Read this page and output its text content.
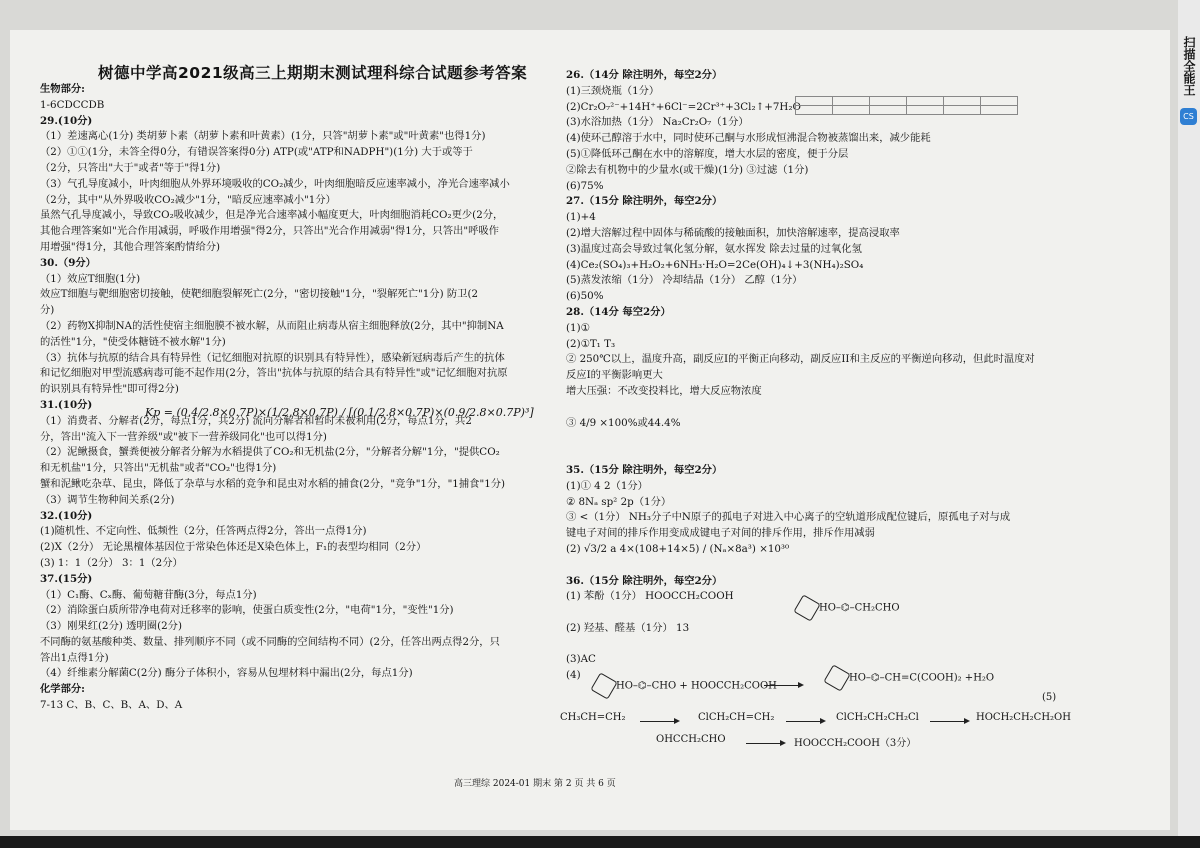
树德中学高2021级高三上期期末测试理科综合试题参考答案
生物部分:
1-6CDCCDB
29.(10分)
（1）差速离心(1分) 类胡萝卜素（胡萝卜素和叶黄素）(1分，只答"胡萝卜素"或"叶黄素"也得1分)
（2）①①(1分，未答全得0分，有错误答案得0分) ATP(或"ATP和NADPH")(1分) 大于或等于
（2分，只答出"大于"或者"等于"得1分)
（3）气孔导度减小，叶肉细胞从外界环境吸收的CO₂减少，叶肉细胞暗反应速率减小，净光合速率减小
（2分，其中"从外界吸收CO₂减少"1分，"暗反应速率减小"1分）
虽然气孔导度减小，导致CO₂吸收减少，但是净光合速率减小幅度更大，叶肉细胞消耗CO₂更少(2分，
其他合理答案如"光合作用减弱，呼吸作用增强"得2分，只答出"光合作用减弱"得1分，只答出"呼吸作
用增强"得1分，其他合理答案酌情给分)
30.（9分）
（1）效应T细胞(1分)
效应T细胞与靶细胞密切接触，使靶细胞裂解死亡(2分，"密切接触"1分，"裂解死亡"1分) 防卫(2
分)
（2）药物X抑制NA的活性使宿主细胞膜不被水解，从而阻止病毒从宿主细胞释放(2分，其中"抑制NA
的活性"1分，"使受体糖链不被水解"1分)
（3）抗体与抗原的结合具有特异性（记忆细胞对抗原的识别具有特异性），感染新冠病毒后产生的抗体
和记忆细胞对甲型流感病毒可能不起作用(2分，答出"抗体与抗原的结合具有特异性"或"记忆细胞对抗原
的识别具有特异性"即可得2分)
31.(10分)
（1）消费者、分解者(2分，每点1分，共2分) 流向分解者和暂时未被利用(2分，每点1分，共2
分，答出"流入下一营养级"或"被下一营养级同化"也可以得1分)
（2）泥鳅摄食，蟹粪便被分解者分解为水稻提供了CO₂和无机盐(2分，"分解者分解"1分，"提供CO₂
和无机盐"1分，只答出"无机盐"或者"CO₂"也得1分)
蟹和泥鳅吃杂草、昆虫，降低了杂草与水稻的竞争和昆虫对水稻的捕食(2分，"竞争"1分，"1捕食"1分)
（3）调节生物种间关系(2分)
32.(10分)
(1)随机性、不定向性、低频性（2分，任答两点得2分，答出一点得1分)
(2)X（2分） 无论黑檀体基因位于常染色体还是X染色体上，F₁的表型均相同（2分）
(3) 1：1（2分） 3：1（2分）
37.(15分)
（1）C₁酶、Cₓ酶、葡萄糖苷酶(3分，每点1分)
（2）消除蛋白质所带净电荷对迁移率的影响，使蛋白质变性(2分，"电荷"1分，"变性"1分)
（3）刚果红(2分) 透明圈(2分)
不同酶的氨基酸种类、数量、排列顺序不同（或不同酶的空间结构不同）(2分，任答出两点得2分，只
答出1点得1分)
（4）纤维素分解菌C(2分) 酶分子体积小，容易从包埋材料中漏出(2分，每点1分)
化学部分:
7-13 C、B、C、B、A、D、A
26.（14分 除注明外，每空2分）
(1)三颈烧瓶（1分）
(2)Cr₂O₇²⁻+14H⁺+6Cl⁻=2Cr³⁺+3Cl₂↑+7H₂O
(3)水浴加热（1分） Na₂Cr₂O₇（1分）
(4)使环己醇溶于水中，同时使环己酮与水形成恒沸混合物被蒸馏出来，减少能耗
(5)①降低环己酮在水中的溶解度，增大水层的密度，便于分层
②除去有机物中的少量水(或干燥)(1分) ③过滤（1分)
(6)75%
27.（15分 除注明外，每空2分）
(1)+4
(2)增大溶解过程中固体与稀硫酸的接触面积，加快溶解速率，提高浸取率
(3)温度过高会导致过氧化氢分解，氨水挥发 除去过量的过氧化氢
(4)Ce₂(SO₄)₃+H₂O₂+6NH₃·H₂O=2Ce(OH)₄↓+3(NH₄)₂SO₄
(5)蒸发浓缩（1分） 冷却结晶（1分） 乙醇（1分）
(6)50%
28.（14分 每空2分）
(1)①
(2)①T₁ T₃
② 250℃以上，温度升高，副反应I的平衡正向移动，副反应II和主反应的平衡逆向移动，但此时温度对
反应I的平衡影响更大
增大压强：不改变投料比，增大反应物浓度

③ 4/9 ×100%或44.4%

35.（15分 除注明外，每空2分）
(1)① 4 2（1分）
② 8Nₐ sp² 2p（1分）
③ <（1分） NH₃分子中N原子的孤电子对进入中心离子的空轨道形成配位键后，原孤电子对与成
键电子对间的排斥作用变成成键电子对间的排斥作用，排斥作用减弱
(2) √3/2 a 4×(108+14×5) / (Nₐ×8a³) ×10³⁰

36.（15分 除注明外，每空2分）
(1) 苯酚（1分） HOOCCH₂COOH

(2) 羟基、醛基（1分） 13

(3)AC
(4)

Kp = (0.4/2.8×0.7P)×(1/2.8×0.7P) / [(0.1/2.8×0.7P)×(0.9/2.8×0.7P)³]
HO–⌬–CH₂CHO
HO–⌬–CHO + HOOCCH₂COOH
HO–⌬–CH=C(COOH)₂ +H₂O
(5)
CH₃CH=CH₂ → ClCH₂CH=CH₂ → ClCH₂CH₂CH₂Cl → HOCH₂CH₂CH₂OH
OHCCH₂CHO → HOOCCH₂COOH（3分）
高三理综 2024-01 期末 第 2 页 共 6 页
扫描全能王
CS
